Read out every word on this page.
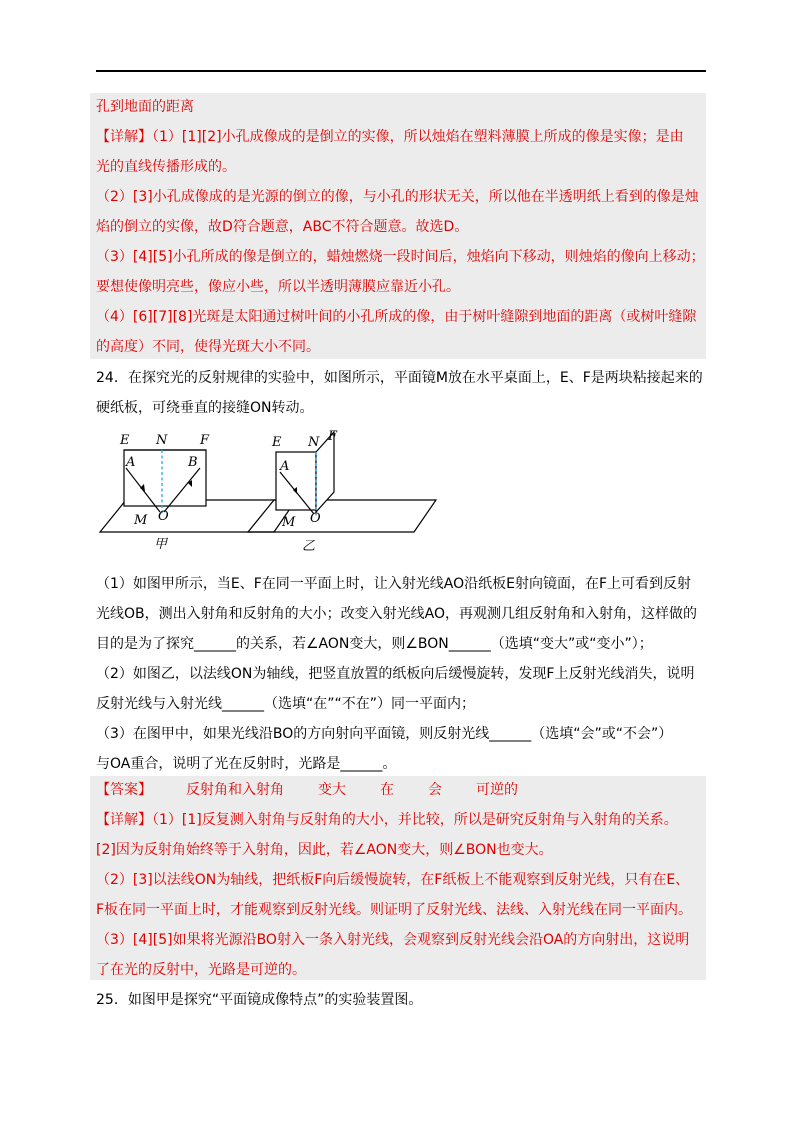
孔到地面的距离
【详解】（1）[1][2]小孔成像成的是倒立的实像，所以烛焰在塑料薄膜上所成的像是实像；是由
光的直线传播形成的。
（2）[3]小孔成像成的是光源的倒立的像，与小孔的形状无关，所以他在半透明纸上看到的像是烛
焰的倒立的实像，故D符合题意，ABC不符合题意。故选D。
（3）[4][5]小孔所成的像是倒立的，蜡烛燃烧一段时间后，烛焰向下移动，则烛焰的像向上移动；
要想使像明亮些，像应小些，所以半透明薄膜应靠近小孔。
（4）[6][7][8]光斑是太阳通过树叶间的小孔所成的像，由于树叶缝隙到地面的距离（或树叶缝隙
的高度）不同，使得光斑大小不同。
24．在探究光的反射规律的实验中，如图所示，平面镜M放在水平桌面上，E、F是两块粘接起来的
硬纸板，可绕垂直的接缝ON转动。
E N	F
A	B
O
M
甲
E N F
A
O
M
乙
（1）如图甲所示，当E、F在同一平面上时，让入射光线AO沿纸板E射向镜面，在F上可看到反射
光线OB，测出入射角和反射角的大小；改变入射光线AO，再观测几组反射角和入射角，这样做的
目的是为了探究______的关系，若∠AON变大，则∠BON______（选填“变大”或“变小”）；
（2）如图乙，以法线ON为轴线，把竖直放置的纸板向后缓慢旋转，发现F上反射光线消失，说明
反射光线与入射光线______（选填“在”“不在”）同一平面内；
（3）在图甲中，如果光线沿BO的方向射向平面镜，则反射光线______（选填“会”或“不会”）
与OA重合，说明了光在反射时，光路是______。
【答案】 反射角和入射角 变大 在 会 可逆的
【详解】（1）[1]反复测入射角与反射角的大小，并比较，所以是研究反射角与入射角的关系。
[2]因为反射角始终等于入射角，因此，若∠AON变大，则∠BON也变大。
（2）[3]以法线ON为轴线，把纸板F向后缓慢旋转，在F纸板上不能观察到反射光线，只有在E、
F板在同一平面上时，才能观察到反射光线。则证明了反射光线、法线、入射光线在同一平面内。
（3）[4][5]如果将光源沿BO射入一条入射光线，会观察到反射光线会沿OA的方向射出，这说明
了在光的反射中，光路是可逆的。
25．如图甲是探究“平面镜成像特点”的实验装置图。
